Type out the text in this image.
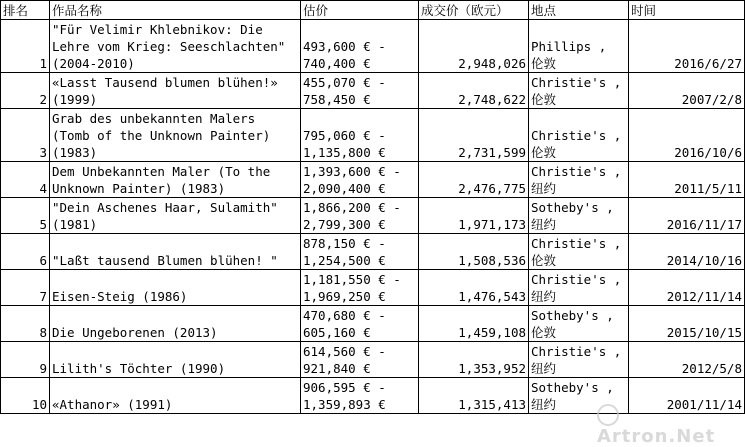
排名	作品名称	估价	成交价（欧元）	地点	时间
1	"Für Velimir Khlebnikov: Die Lehre vom Krieg: Seeschlachten" (2004-2010)	493,600 € - 740,400 €	2,948,026	Phillips , 伦敦	2016/6/27
2	«Lasst Tausend blumen blühen!» (1999)	455,070 € - 758,450 €	2,748,622	Christie's , 伦敦	2007/2/8
3	Grab des unbekannten Malers (Tomb of the Unknown Painter) (1983)	795,060 € - 1,135,800 €	2,731,599	Christie's , 伦敦	2016/10/6
4	Dem Unbekannten Maler (To the Unknown Painter) (1983)	1,393,600 € - 2,090,400 €	2,476,775	Christie's , 纽约	2011/5/11
5	"Dein Aschenes Haar, Sulamith" (1981)	1,866,200 € - 2,799,300 €	1,971,173	Sotheby's , 纽约	2016/11/17
6	"Laßt tausend Blumen blühen! "	878,150 € - 1,254,500 €	1,508,536	Christie's , 伦敦	2014/10/16
7	Eisen-Steig (1986)	1,181,550 € - 1,969,250 €	1,476,543	Christie's , 纽约	2012/11/14
8	Die Ungeborenen (2013)	470,680 € - 605,160 €	1,459,108	Sotheby's , 伦敦	2015/10/15
9	Lilith's Töchter (1990)	614,560 € - 921,840 €	1,353,952	Christie's , 纽约	2012/5/8
10	«Athanor» (1991)	906,595 € - 1,359,893 €	1,315,413	Sotheby's , 纽约	2001/11/14
Artron.Net
